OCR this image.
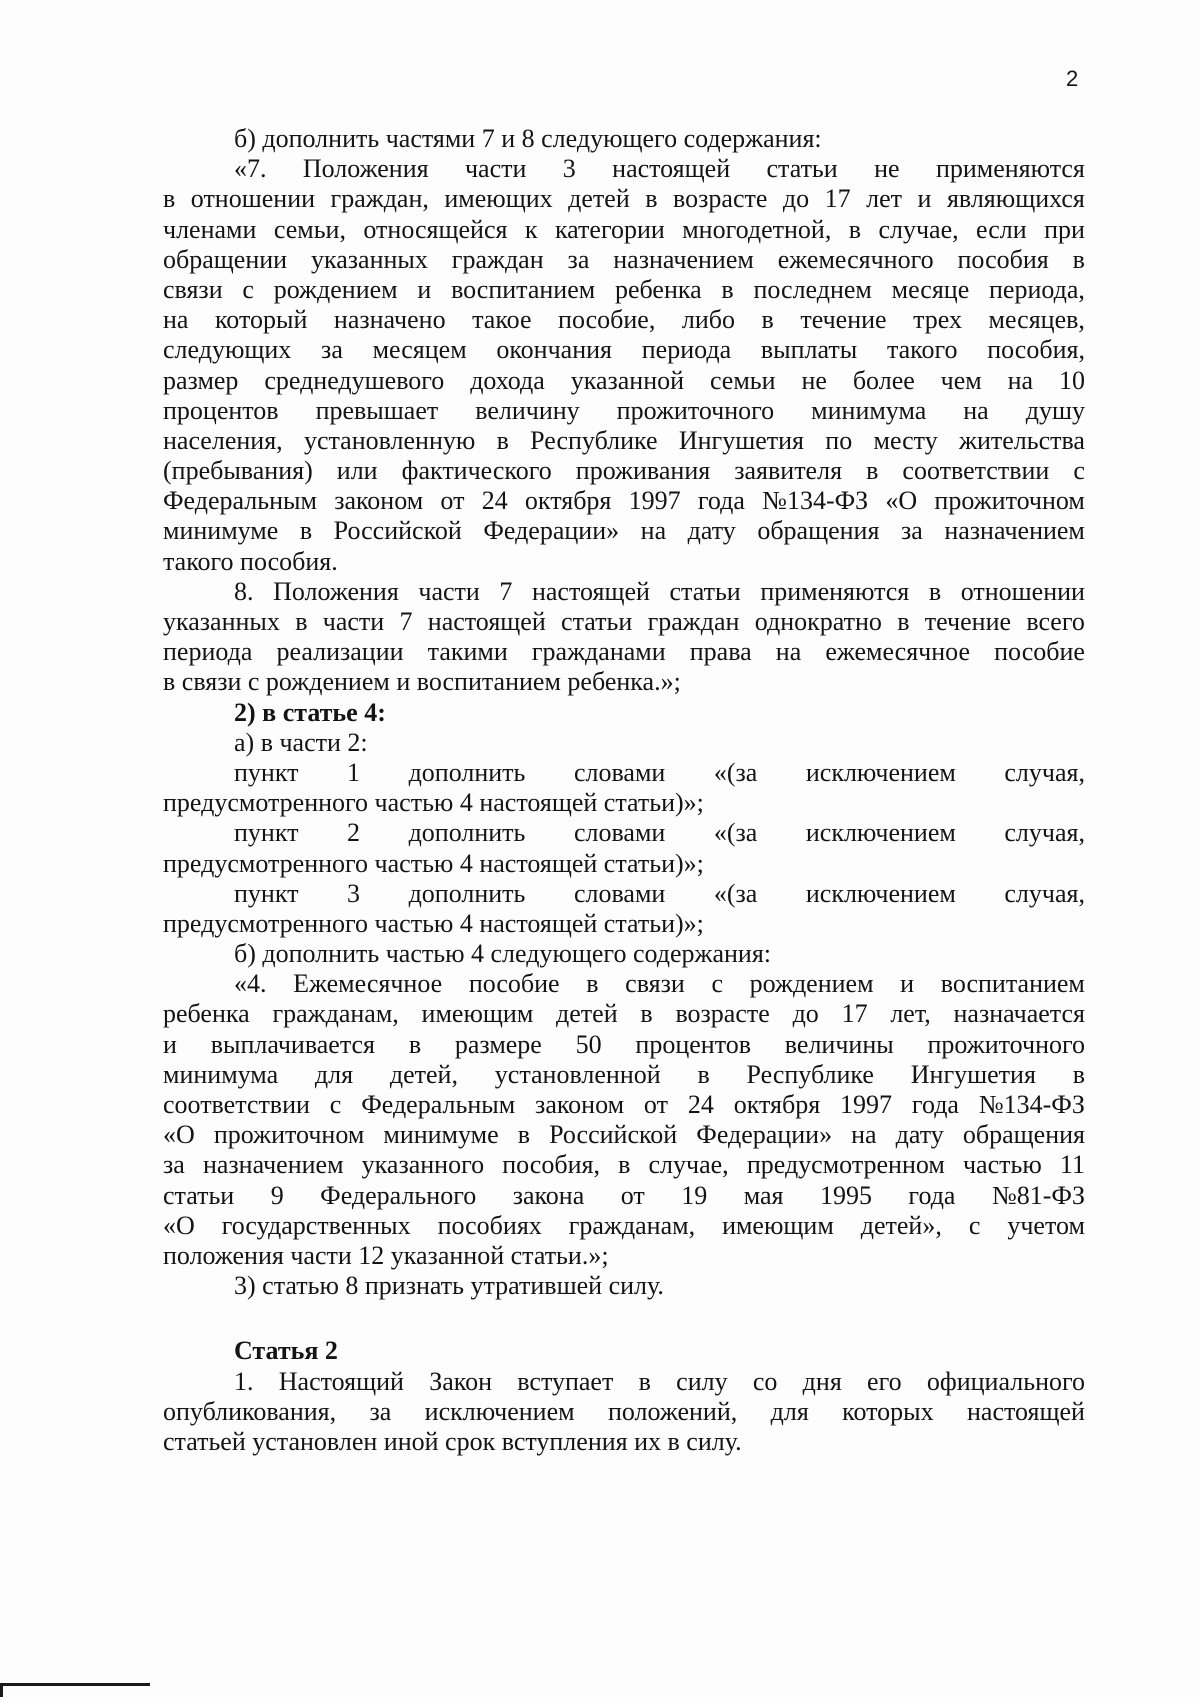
2
б) дополнить частями 7 и 8 следующего содержания:
«7. Положения части 3 настоящей статьи не применяются
в отношении граждан, имеющих детей в возрасте до 17 лет и являющихся
членами семьи, относящейся к категории многодетной, в случае, если при
обращении указанных граждан за назначением ежемесячного пособия в
связи с рождением и воспитанием ребенка в последнем месяце периода,
на который назначено такое пособие, либо в течение трех месяцев,
следующих за месяцем окончания периода выплаты такого пособия,
размер среднедушевого дохода указанной семьи не более чем на 10
процентов превышает величину прожиточного минимума на душу
населения, установленную в Республике Ингушетия по месту жительства
(пребывания) или фактического проживания заявителя в соответствии с
Федеральным законом от 24 октября 1997 года №134-ФЗ «О прожиточном
минимуме в Российской Федерации» на дату обращения за назначением
такого пособия.
8. Положения части 7 настоящей статьи применяются в отношении
указанных в части 7 настоящей статьи граждан однократно в течение всего
периода реализации такими гражданами права на ежемесячное пособие
в связи с рождением и воспитанием ребенка.»;
2) в статье 4:
а) в части 2:
пункт 1 дополнить словами «(за исключением случая,
предусмотренного частью 4 настоящей статьи)»;
пункт 2 дополнить словами «(за исключением случая,
предусмотренного частью 4 настоящей статьи)»;
пункт 3 дополнить словами «(за исключением случая,
предусмотренного частью 4 настоящей статьи)»;
б) дополнить частью 4 следующего содержания:
«4. Ежемесячное пособие в связи с рождением и воспитанием
ребенка гражданам, имеющим детей в возрасте до 17 лет, назначается
и выплачивается в размере 50 процентов величины прожиточного
минимума для детей, установленной в Республике Ингушетия в
соответствии с Федеральным законом от 24 октября 1997 года №134-ФЗ
«О прожиточном минимуме в Российской Федерации» на дату обращения
за назначением указанного пособия, в случае, предусмотренном частью 11
статьи 9 Федерального закона от 19 мая 1995 года №81-ФЗ
«О государственных пособиях гражданам, имеющим детей», с учетом
положения части 12 указанной статьи.»;
3) статью 8 признать утратившей силу.
Статья 2
1. Настоящий Закон вступает в силу со дня его официального
опубликования, за исключением положений, для которых настоящей
статьей установлен иной срок вступления их в силу.
